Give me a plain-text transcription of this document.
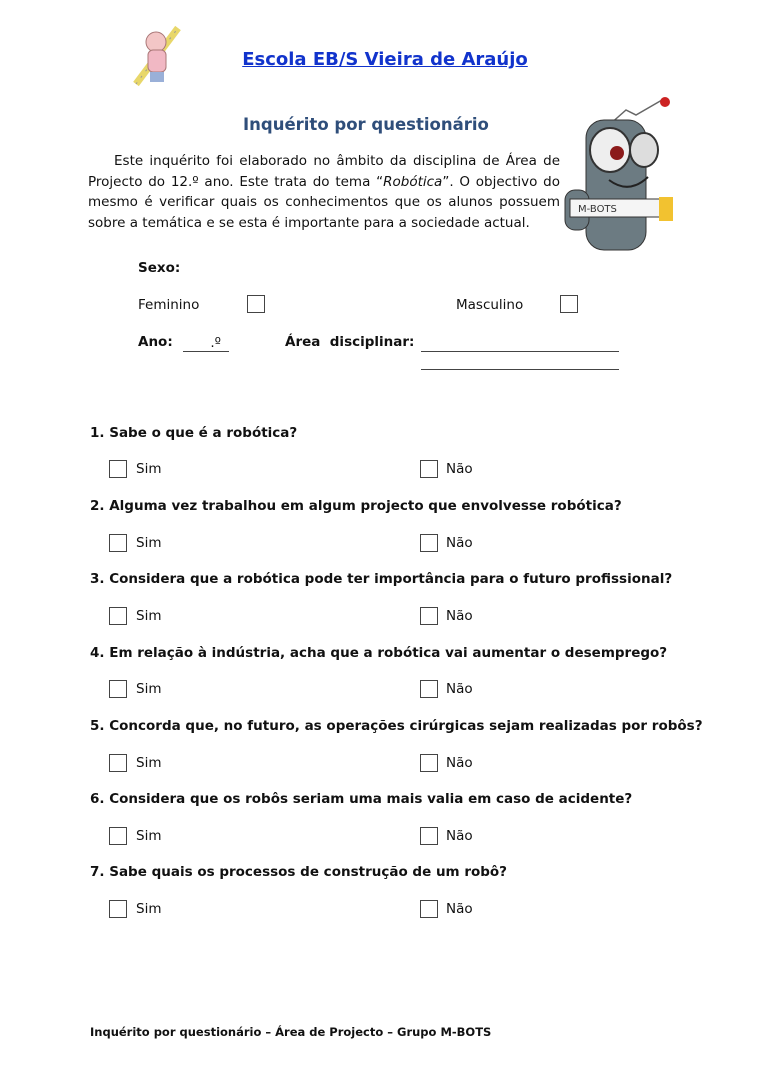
Escola EB/S Vieira de Araújo
Inquérito por questionário
Este inquérito foi elaborado no âmbito da disciplina de Área de Projecto do 12.º ano. Este trata do tema “Robótica”. O objectivo do mesmo é verificar quais os conhecimentos que os alunos possuem sobre a temática e se esta é importante para a sociedade actual.
M-BOTS
Sexo:
Feminino	Masculino
Ano:	.º	Área  disciplinar:
1. Sabe o que é a robótica?
Sim	Não
2. Alguma vez trabalhou em algum projecto que envolvesse robótica?
Sim	Não
3. Considera que a robótica pode ter importância para o futuro profissional?
Sim	Não
4. Em relação à indústria, acha que a robótica vai aumentar o desemprego?
Sim	Não
5. Concorda que, no futuro, as operações cirúrgicas sejam realizadas por robôs?
Sim	Não
6. Considera que os robôs seriam uma mais valia em caso de acidente?
Sim	Não
7. Sabe quais os processos de construção de um robô?
Sim	Não
Inquérito por questionário – Área de Projecto – Grupo M-BOTS
